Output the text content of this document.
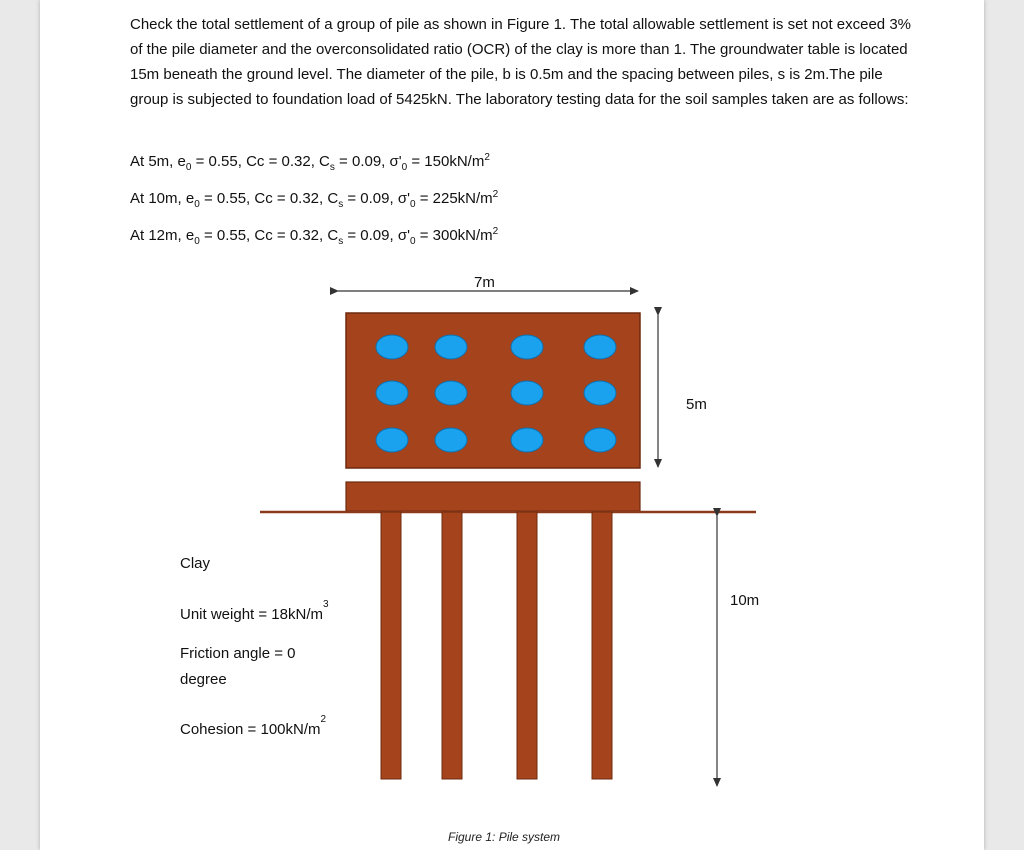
Check the total settlement of a group of pile as shown in Figure 1. The total allowable settlement is set not exceed 3% of the pile diameter and the overconsolidated ratio (OCR) of the clay is more than 1. The groundwater table is located 15m beneath the ground level. The diameter of the pile, b is 0.5m and the spacing between piles, s is 2m.The pile group is subjected to foundation load of 5425kN. The laboratory testing data for the soil samples taken are as follows:

At 5m, $e_0 = 0.55$, Cc = 0.32, $C_s = 0.09$, $\sigma'_0 = 150kN/m^2$
At 10m, $e_0 = 0.55$, Cc = 0.32, $C_s = 0.09$, $\sigma'_0 = 225kN/m^2$
At 12m, $e_0 = 0.55$, Cc = 0.32, $C_s = 0.09$, $\sigma'_0 = 300kN/m^2$
7m
5m
10m
Clay
Unit weight = $18kN/m^3$
Friction angle = 0
degree
Cohesion = $100kN/m^2$
Figure 1: Pile system
